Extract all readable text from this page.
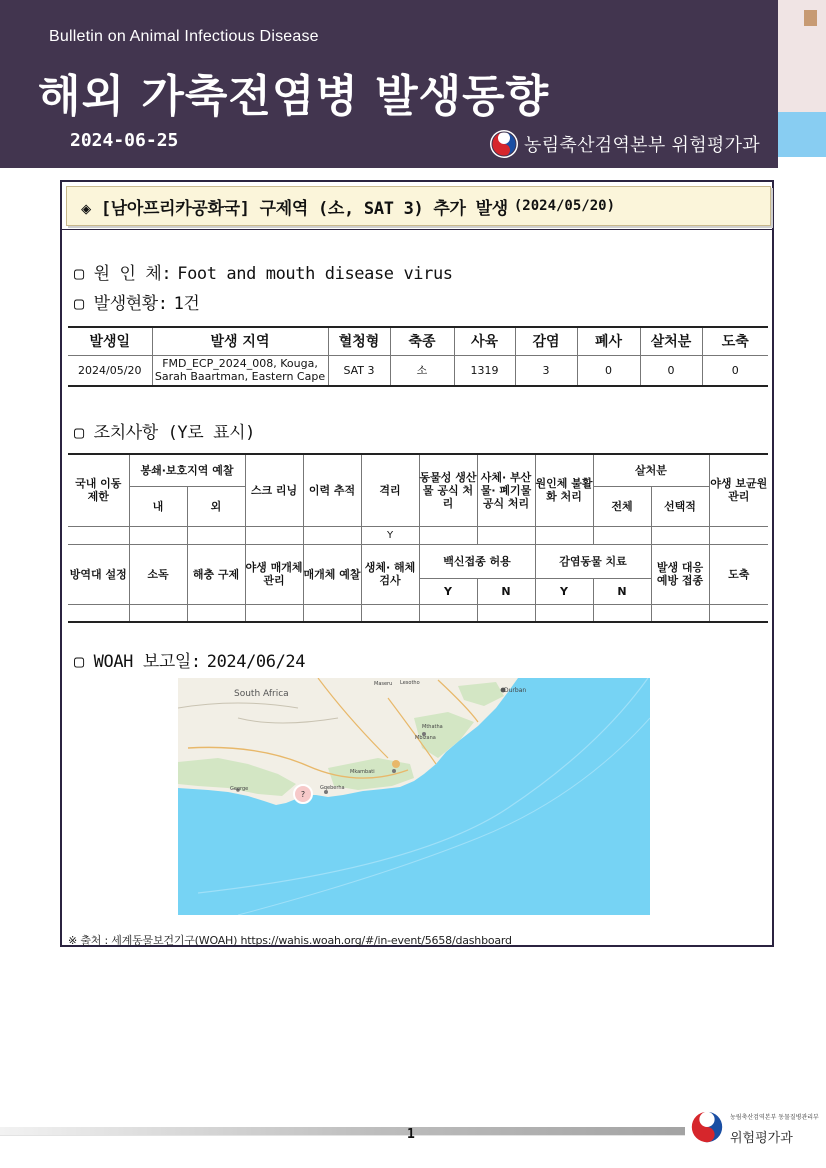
Bulletin on Animal Infectious Disease
해외 가축전염병 발생동향
2024-06-25	농림축산검역본부 위험평가과
◈ [남아프리카공화국] 구제역 (소, SAT 3) 추가 발생 (2024/05/20)
▢ 원 인 체: Foot and mouth disease virus
▢ 발생현황: 1건
발생일	발생 지역	혈청형	축종	사육	감염	폐사	살처분	도축
2024/05/20	FMD_ECP_2024_008, Kouga,
Sarah Baartman, Eastern Cape	SAT 3	소	1319	3	0	0	0
▢ 조치사항 (Y로 표시)
국내 이동 제한	봉쇄·보호지역 예찰		스크 리닝	이력 추적	격리	동물성 생산물 공식 처리	사체· 부산물· 폐기물 공식 처리	원인체 불활화 처리	살처분		야생 보균원 관리
	내	외							전체	선택적	
					Y						
방역대 설정	소독	해충 구제	야생 매개체 관리	매개체 예찰	생체· 해체 검사	백신접종 허용		감염동물 치료		발생 대응 예방 접종	도축
						Y	N	Y	N		

▢ WOAH 보고일: 2024/06/24
?
South Africa	Durban
Mthatha
Mbizana
Mkambati
Gqeberha
George
Lesotho
Maseru
※ 출처 : 세계동물보건기구(WOAH) https://wahis.woah.org/#/in-event/5658/dashboard
1
농림축산검역본부 동물질병관리부
위험평가과
